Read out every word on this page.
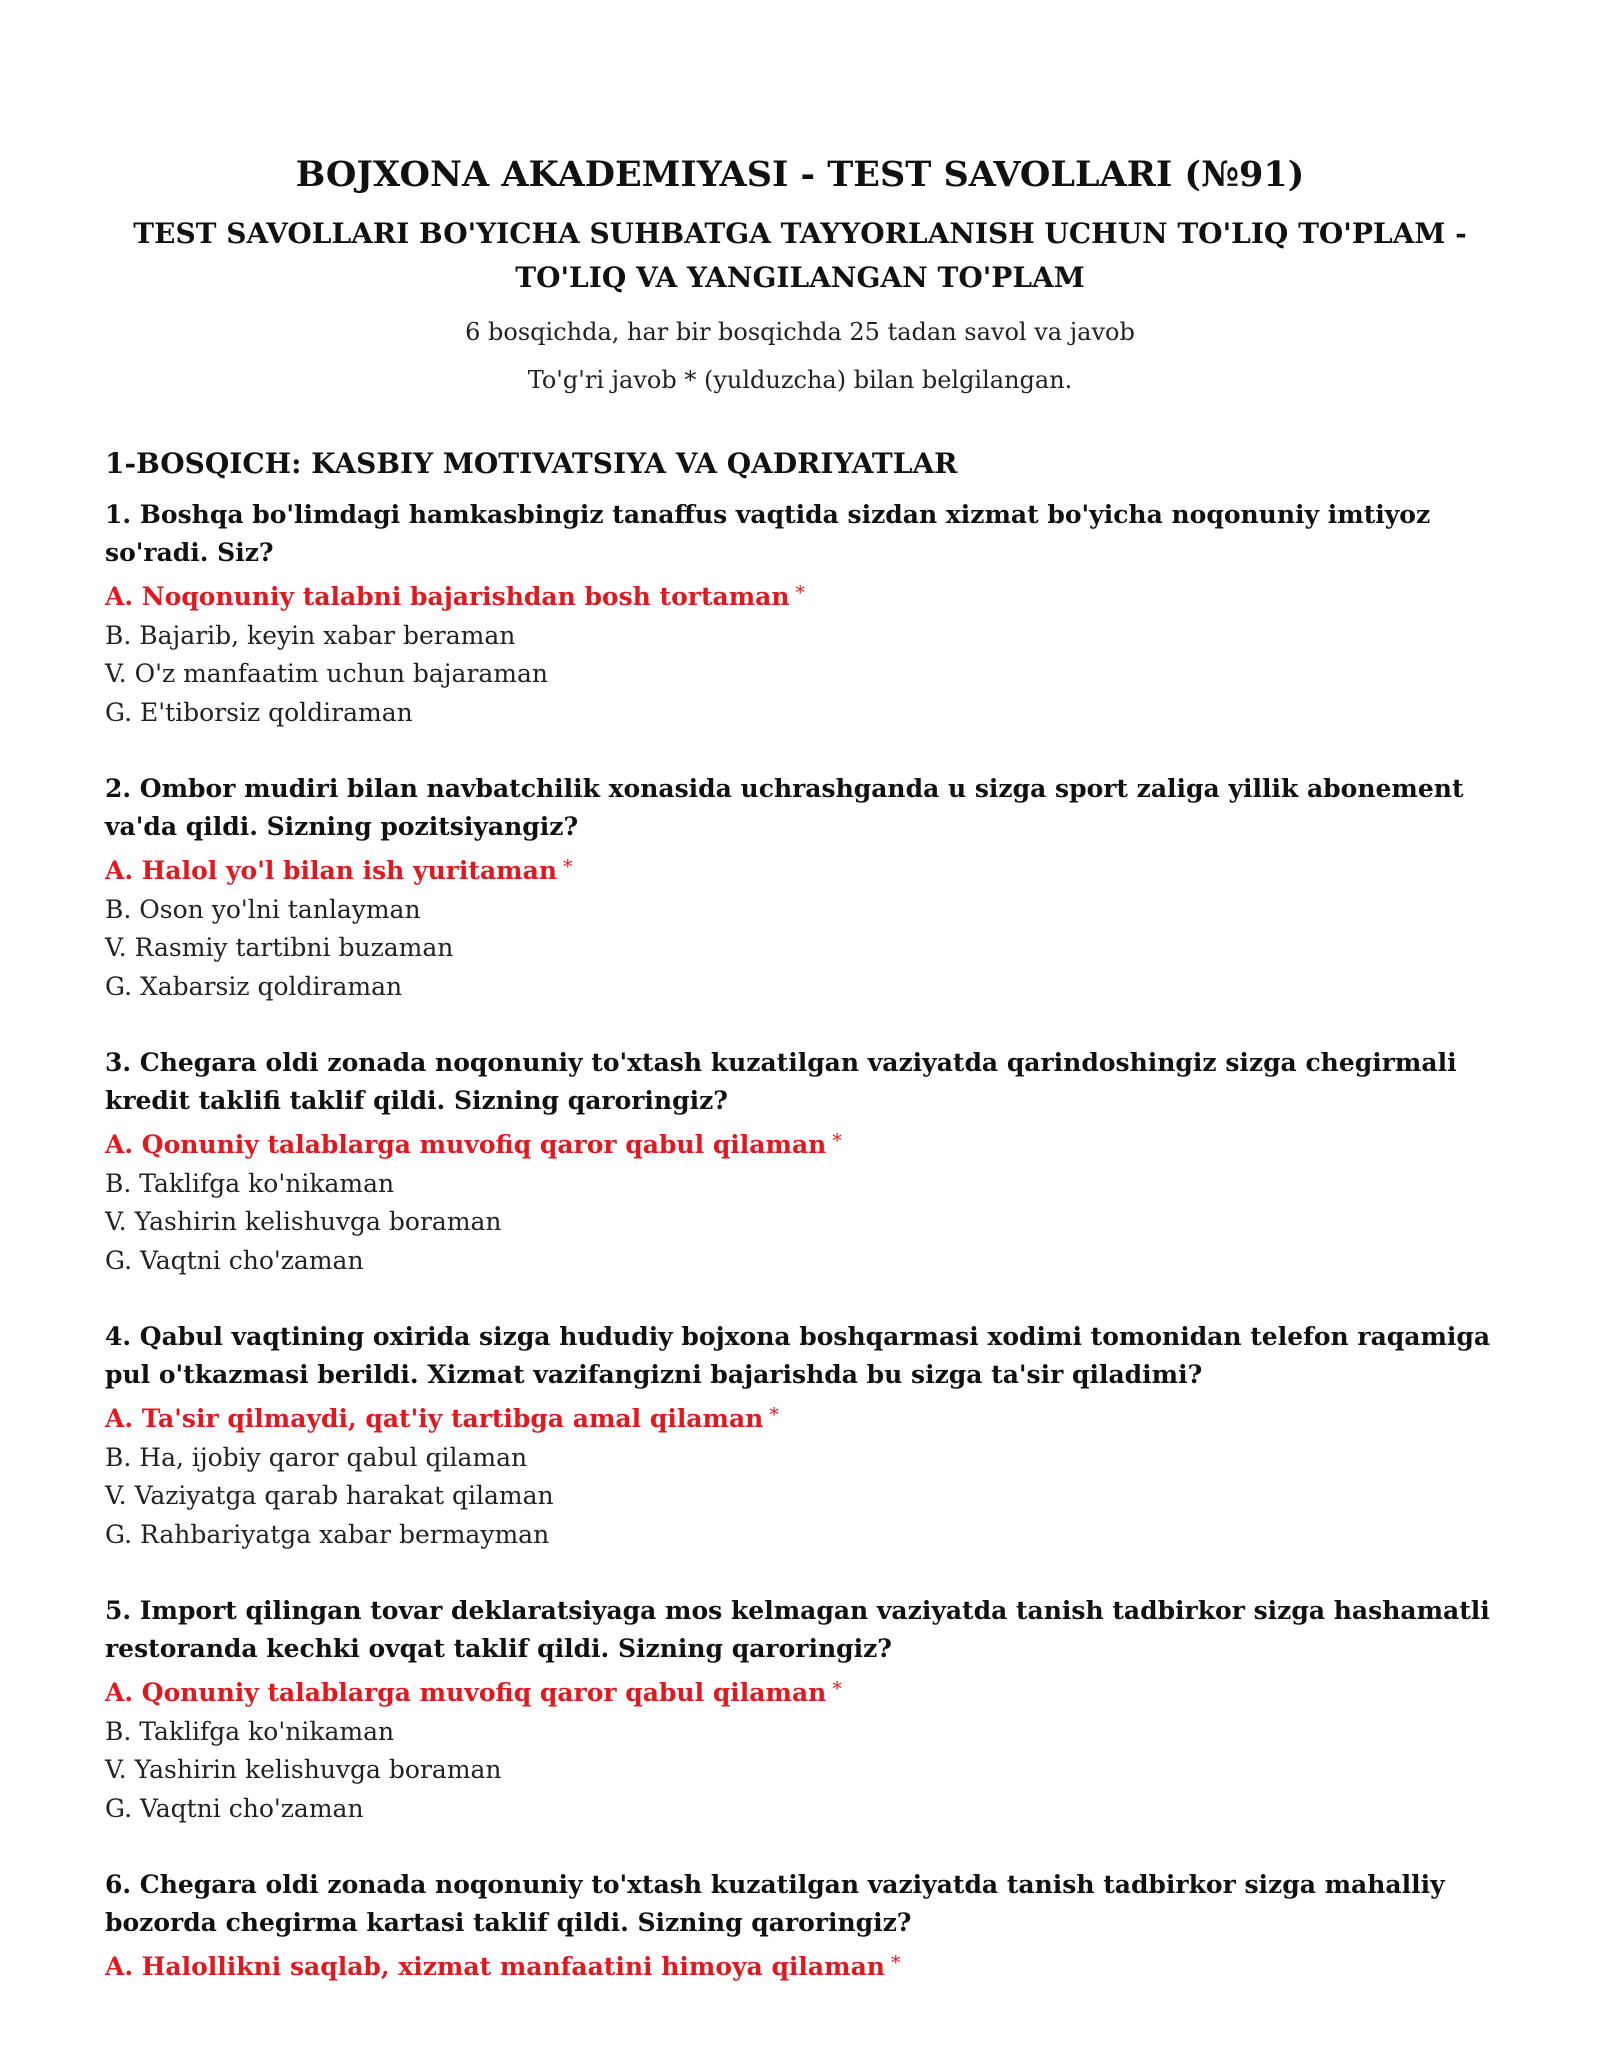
BOJXONA AKADEMIYASI - TEST SAVOLLARI (№91)
TEST SAVOLLARI BO'YICHA SUHBATGA TAYYORLANISH UCHUN TO'LIQ TO'PLAM - TO'LIQ VA YANGILANGAN TO'PLAM
6 bosqichda, har bir bosqichda 25 tadan savol va javob
To'g'ri javob * (yulduzcha) bilan belgilangan.
1-BOSQICH: KASBIY MOTIVATSIYA VA QADRIYATLAR
1. Boshqa bo'limdagi hamkasbingiz tanaffus vaqtida sizdan xizmat bo'yicha noqonuniy imtiyoz so'radi. Siz?
A. Noqonuniy talabni bajarishdan bosh tortaman *
B. Bajarib, keyin xabar beraman
V. O'z manfaatim uchun bajaraman
G. E'tiborsiz qoldiraman
2. Ombor mudiri bilan navbatchilik xonasida uchrashganda u sizga sport zaliga yillik abonement va'da qildi. Sizning pozitsiyangiz?
A. Halol yo'l bilan ish yuritaman *
B. Oson yo'lni tanlayman
V. Rasmiy tartibni buzaman
G. Xabarsiz qoldiraman
3. Chegara oldi zonada noqonuniy to'xtash kuzatilgan vaziyatda qarindoshingiz sizga chegirmali kredit taklifi taklif qildi. Sizning qaroringiz?
A. Qonuniy talablarga muvofiq qaror qabul qilaman *
B. Taklifga ko'nikaman
V. Yashirin kelishuvga boraman
G. Vaqtni cho'zaman
4. Qabul vaqtining oxirida sizga hududiy bojxona boshqarmasi xodimi tomonidan telefon raqamiga pul o'tkazmasi berildi. Xizmat vazifangizni bajarishda bu sizga ta'sir qiladimi?
A. Ta'sir qilmaydi, qat'iy tartibga amal qilaman *
B. Ha, ijobiy qaror qabul qilaman
V. Vaziyatga qarab harakat qilaman
G. Rahbariyatga xabar bermayman
5. Import qilingan tovar deklaratsiyaga mos kelmagan vaziyatda tanish tadbirkor sizga hashamatli restoranda kechki ovqat taklif qildi. Sizning qaroringiz?
A. Qonuniy talablarga muvofiq qaror qabul qilaman *
B. Taklifga ko'nikaman
V. Yashirin kelishuvga boraman
G. Vaqtni cho'zaman
6. Chegara oldi zonada noqonuniy to'xtash kuzatilgan vaziyatda tanish tadbirkor sizga mahalliy bozorda chegirma kartasi taklif qildi. Sizning qaroringiz?
A. Halollikni saqlab, xizmat manfaatini himoya qilaman *
